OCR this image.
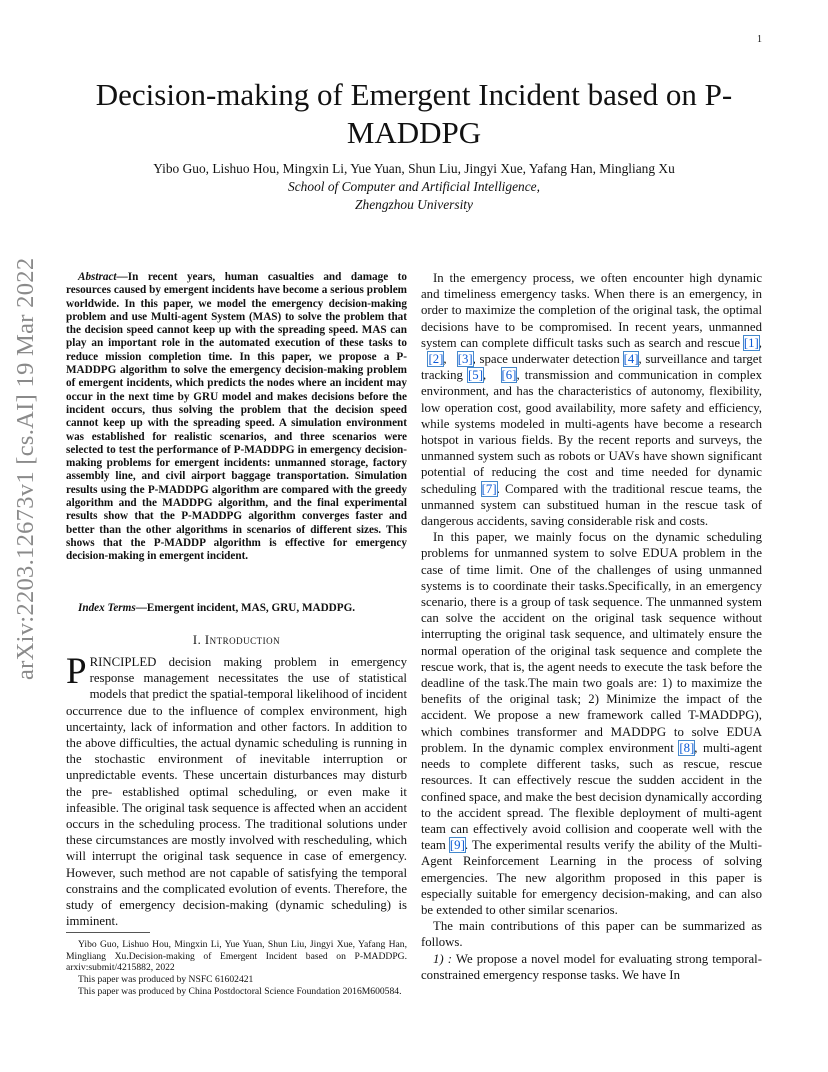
1
Decision-making of Emergent Incident based on P-MADDPG
Yibo Guo, Lishuo Hou, Mingxin Li, Yue Yuan, Shun Liu, Jingyi Xue, Yafang Han, Mingliang Xu
School of Computer and Artificial Intelligence,
Zhengzhou University
arXiv:2203.12673v1 [cs.AI] 19 Mar 2022	Abstract—In recent years, human casualties and damage to resources caused by emergent incidents have become a serious problem worldwide. In this paper, we model the emergency decision-making problem and use Multi-agent System (MAS) to solve the problem that the decision speed cannot keep up with the spreading speed. MAS can play an important role in the automated execution of these tasks to reduce mission completion time. In this paper, we propose a P-MADDPG algorithm to solve the emergency decision-making problem of emergent incidents, which predicts the nodes where an incident may occur in the next time by GRU model and makes decisions before the incident occurs, thus solving the problem that the decision speed cannot keep up with the spreading speed. A simulation environment was established for realistic scenarios, and three scenarios were selected to test the performance of P-MADDPG in emergency decision-making problems for emergent incidents: unmanned storage, factory assembly line, and civil airport baggage transportation. Simulation results using the P-MADDPG algorithm are compared with the greedy algorithm and the MADDPG algorithm, and the final experimental results show that the P-MADDPG algorithm converges faster and better than the other algorithms in scenarios of different sizes. This shows that the P-MADDP algorithm is effective for emergency decision-making in emergent incident.

Index Terms—Emergent incident, MAS, GRU, MADDPG.

I. Introduction

PRINCIPLED decision making problem in emergency response management necessitates the use of statistical models that predict the spatial-temporal likelihood of incident occurrence due to the influence of complex environment, high uncertainty, lack of information and other factors. In addition to the above difficulties, the actual dynamic scheduling is running in the stochastic environment of inevitable interruption or unpredictable events. These uncertain disturbances may disturb the pre- established optimal scheduling, or even make it infeasible. The original task sequence is affected when an accident occurs in the scheduling process. The traditional solutions under these circumstances are mostly involved with rescheduling, which will interrupt the original task sequence in case of emergency. However, such method are not capable of satisfying the temporal constrains and the complicated evolution of events. Therefore, the study of emergency decision-making (dynamic scheduling) is imminent.

Yibo Guo, Lishuo Hou, Mingxin Li, Yue Yuan, Shun Liu, Jingyi Xue, Yafang Han, Mingliang Xu.Decision-making of Emergent Incident based on P-MADDPG. arxiv:submit/4215882, 2022

This paper was produced by NSFC 61602421

This paper was produced by China Postdoctoral Science Foundation 2016M600584.

In the emergency process, we often encounter high dynamic and timeliness emergency tasks. When there is an emergency, in order to maximize the completion of the original task, the optimal decisions have to be compromised. In recent years, unmanned system can complete difficult tasks such as search and rescue [1],   [2],   [3], space underwater detection [4], surveillance and target tracking [5],   [6], transmission and communication in complex environment, and has the characteristics of autonomy, flexibility, low operation cost, good availability, more safety and efficiency, while systems modeled in multi-agents have become a research hotspot in various fields. By the recent reports and surveys, the unmanned system such as robots or UAVs have shown significant potential of reducing the cost and time needed for dynamic scheduling [7]. Compared with the traditional rescue teams, the unmanned system can substitued human in the rescue task of dangerous accidents, saving considerable risk and costs.

In this paper, we mainly focus on the dynamic scheduling problems for unmanned system to solve EDUA problem in the case of time limit. One of the challenges of using unmanned systems is to coordinate their tasks.Specifically, in an emergency scenario, there is a group of task sequence. The unmanned system can solve the accident on the original task sequence without interrupting the original task sequence, and ultimately ensure the normal operation of the original task sequence and complete the rescue work, that is, the agent needs to execute the task before the deadline of the task.The main two goals are: 1) to maximize the benefits of the original task; 2) Minimize the impact of the accident. We propose a new framework called T-MADDPG), which combines transformer and MADDPG to solve EDUA problem. In the dynamic complex environment [8], multi-agent needs to complete different tasks, such as rescue, rescue resources. It can effectively rescue the sudden accident in the confined space, and make the best decision dynamically according to the accident spread. The flexible deployment of multi-agent team can effectively avoid collision and cooperate well with the team [9]. The experimental results verify the ability of the Multi-Agent Reinforcement Learning in the process of solving emergencies. The new algorithm proposed in this paper is especially suitable for emergency decision-making, and can also be extended to other similar scenarios.

The main contributions of this paper can be summarized as follows.

1) : We propose a novel model for evaluating strong temporal-constrained emergency response tasks. We have In
